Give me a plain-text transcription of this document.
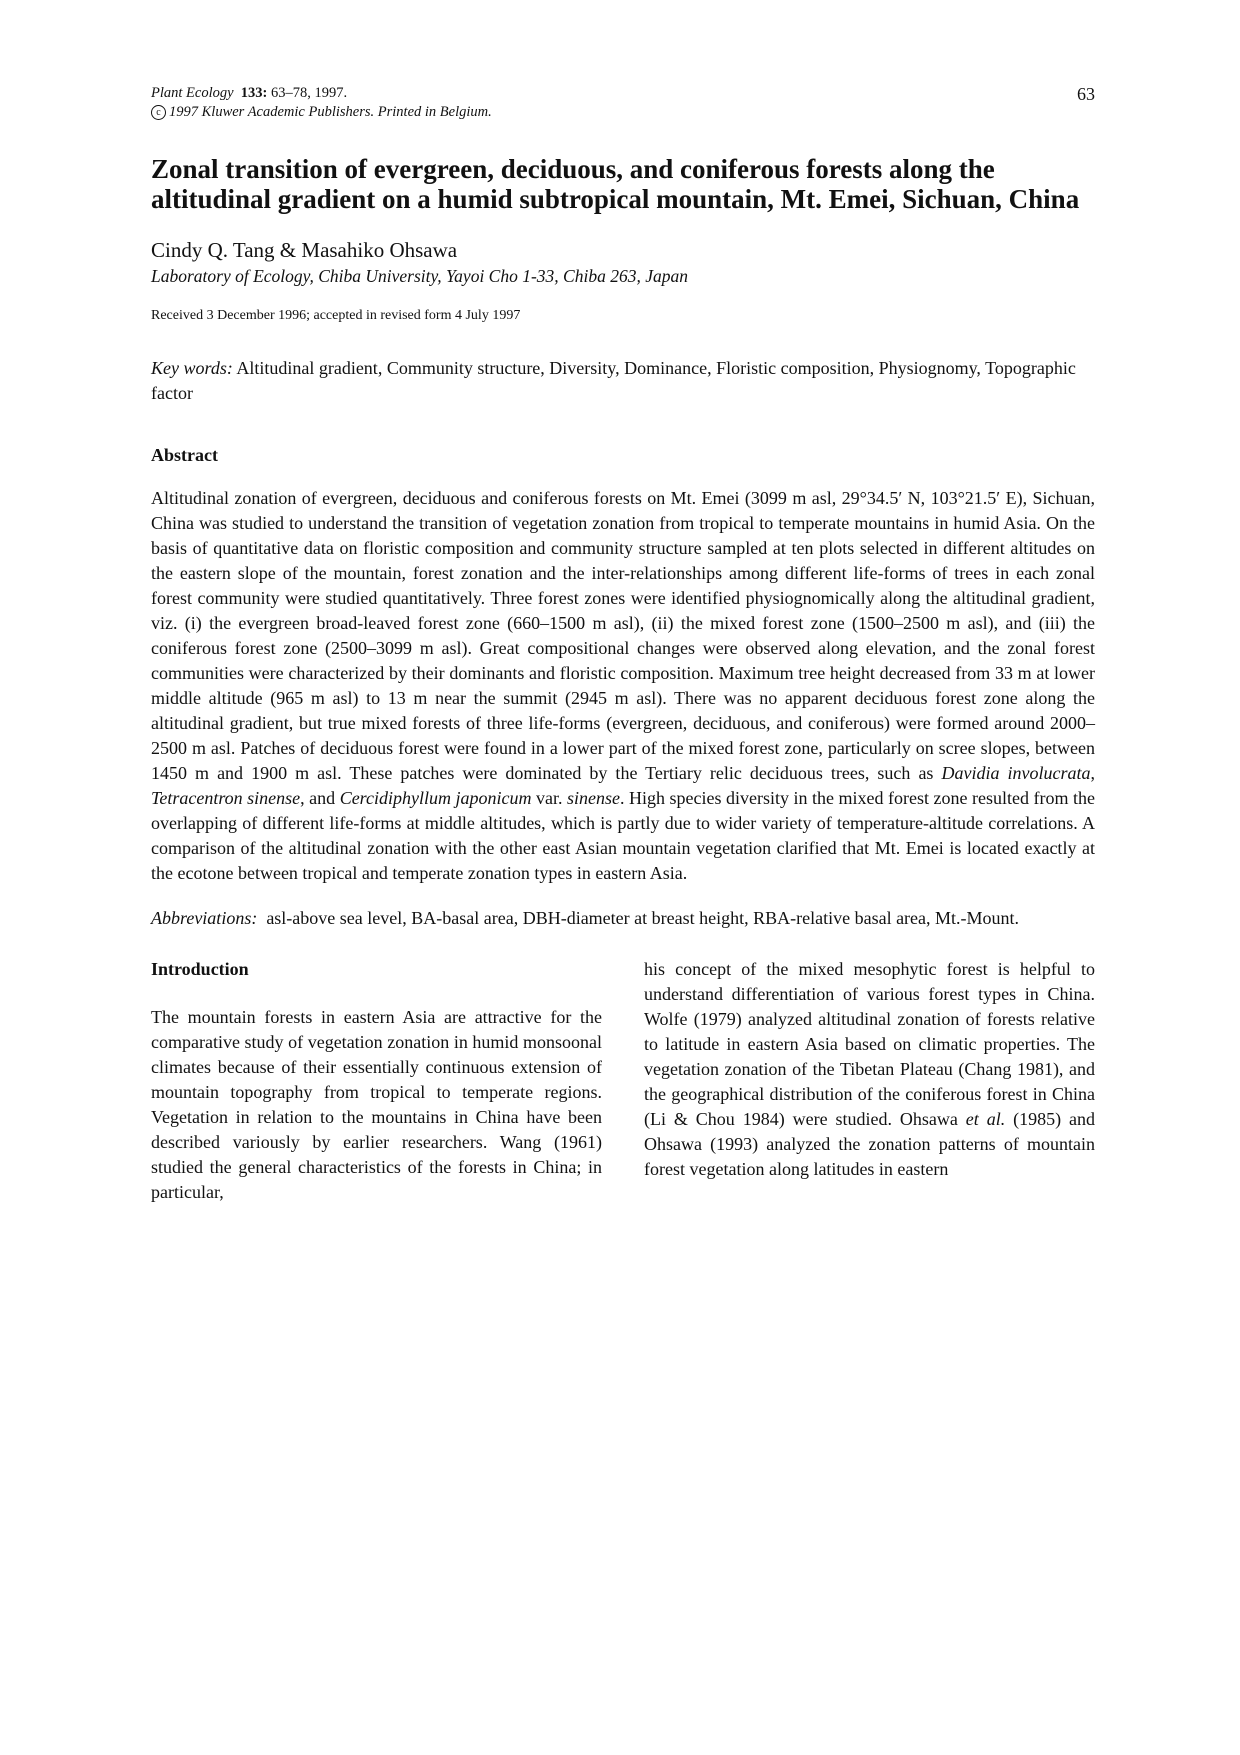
Plant Ecology 133: 63–78, 1997.

c 1997 Kluwer Academic Publishers. Printed in Belgium.

63
Zonal transition of evergreen, deciduous, and coniferous forests along the altitudinal gradient on a humid subtropical mountain, Mt. Emei, Sichuan, China

Cindy Q. Tang & Masahiko Ohsawa

Laboratory of Ecology, Chiba University, Yayoi Cho 1-33, Chiba 263, Japan

Received 3 December 1996; accepted in revised form 4 July 1997

Key words: Altitudinal gradient, Community structure, Diversity, Dominance, Floristic composition, Physiognomy, Topographic factor

Abstract

Altitudinal zonation of evergreen, deciduous and coniferous forests on Mt. Emei (3099 m asl, 29°34.5′ N, 103°21.5′ E), Sichuan, China was studied to understand the transition of vegetation zonation from tropical to temperate mountains in humid Asia. On the basis of quantitative data on floristic composition and community structure sampled at ten plots selected in different altitudes on the eastern slope of the mountain, forest zonation and the inter-relationships among different life-forms of trees in each zonal forest community were studied quantitatively. Three forest zones were identified physiognomically along the altitudinal gradient, viz. (i) the evergreen broad-leaved forest zone (660–1500 m asl), (ii) the mixed forest zone (1500–2500 m asl), and (iii) the coniferous forest zone (2500–3099 m asl). Great compositional changes were observed along elevation, and the zonal forest communities were characterized by their dominants and floristic composition. Maximum tree height decreased from 33 m at lower middle altitude (965 m asl) to 13 m near the summit (2945 m asl). There was no apparent deciduous forest zone along the altitudinal gradient, but true mixed forests of three life-forms (evergreen, deciduous, and coniferous) were formed around 2000–2500 m asl. Patches of deciduous forest were found in a lower part of the mixed forest zone, particularly on scree slopes, between 1450 m and 1900 m asl. These patches were dominated by the Tertiary relic deciduous trees, such as Davidia involucrata, Tetracentron sinense, and Cercidiphyllum japonicum var. sinense. High species diversity in the mixed forest zone resulted from the overlapping of different life-forms at middle altitudes, which is partly due to wider variety of temperature-altitude correlations. A comparison of the altitudinal zonation with the other east Asian mountain vegetation clarified that Mt. Emei is located exactly at the ecotone between tropical and temperate zonation types in eastern Asia.

Abbreviations: asl-above sea level, BA-basal area, DBH-diameter at breast height, RBA-relative basal area, Mt.-Mount.

Introduction

The mountain forests in eastern Asia are attractive for the comparative study of vegetation zonation in humid monsoonal climates because of their essentially continuous extension of mountain topography from tropical to temperate regions. Vegetation in relation to the mountains in China have been described variously by earlier researchers. Wang (1961) studied the general characteristics of the forests in China; in particular,

his concept of the mixed mesophytic forest is helpful to understand differentiation of various forest types in China. Wolfe (1979) analyzed altitudinal zonation of forests relative to latitude in eastern Asia based on climatic properties. The vegetation zonation of the Tibetan Plateau (Chang 1981), and the geographical distribution of the coniferous forest in China (Li & Chou 1984) were studied. Ohsawa et al. (1985) and Ohsawa (1993) analyzed the zonation patterns of mountain forest vegetation along latitudes in eastern
